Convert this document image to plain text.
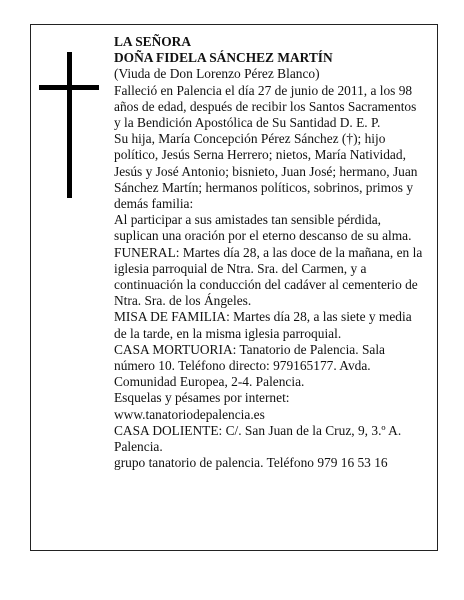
LA SEÑORA

DOÑA FIDELA SÁNCHEZ MARTÍN

(Viuda de Don Lorenzo Pérez Blanco)

Falleció en Palencia el día 27 de junio de 2011, a los 98 años de edad, después de recibir los Santos Sacramentos y la Bendición Apostólica de Su Santidad D. E. P.

Su hija, María Concepción Pérez Sánchez (†); hijo político, Jesús Serna Herrero; nietos, María Natividad, Jesús y José Antonio; bisnieto, Juan José; hermano, Juan Sánchez Martín; hermanos políticos, sobrinos, primos y demás familia:

Al participar a sus amistades tan sensible pérdida, suplican una oración por el eterno descanso de su alma.

FUNERAL: Martes día 28, a las doce de la mañana, en la iglesia parroquial de Ntra. Sra. del Carmen, y a continuación la conducción del cadáver al cementerio de Ntra. Sra. de los Ángeles.

MISA DE FAMILIA: Martes día 28, a las siete y media de la tarde, en la misma iglesia parroquial.

CASA MORTUORIA: Tanatorio de Palencia. Sala número 10. Teléfono directo: 979165177. Avda. Comunidad Europea, 2-4. Palencia.

Esquelas y pésames por internet: www.tanatoriodepalencia.es

CASA DOLIENTE: C/. San Juan de la Cruz, 9, 3.º A. Palencia.

grupo tanatorio de palencia. Teléfono 979 16 53 16
